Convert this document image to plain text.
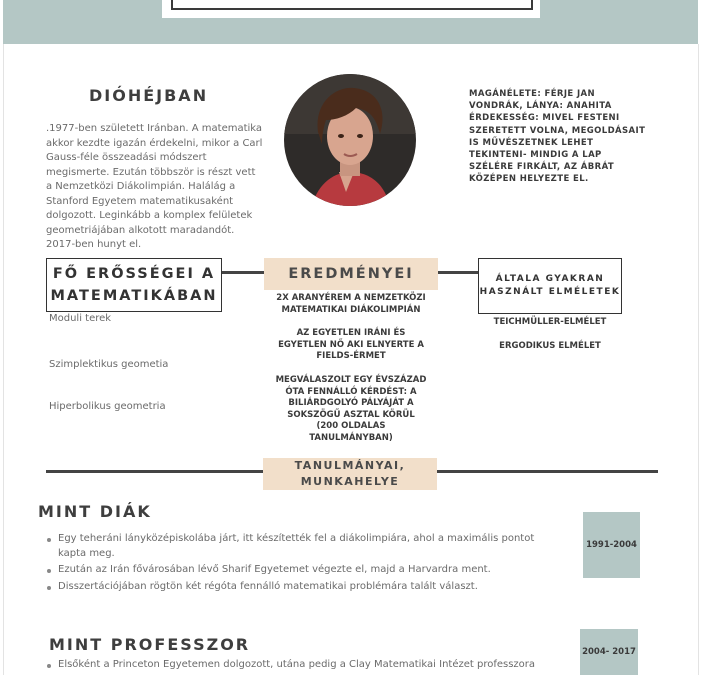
DIÓHÉJBAN
.1977-ben született Iránban. A matematika akkor kezdte igazán érdekelni, mikor a Carl Gauss-féle összeadási módszert megismerte. Ezután többször is részt vett a Nemzetközi Diákolimpián. Halálág a Stanford Egyetem matematikusaként dolgozott. Leginkább a komplex felületek geometriájában alkotott maradandót. 2017-ben hunyt el.

MAGÁNÉLETE: FÉRJE JAN VONDRÁK, LÁNYA: ANAHITA

ÉRDEKESSÉG: MIVEL FESTENI SZERETETT VOLNA, MEGOLDÁSAIT IS MŰVÉSZETNEK LEHET TEKINTENI- MINDIG A LAP SZÉLÉRE FIRKÁLT, AZ ÁBRÁT KÖZÉPEN HELYEZTE EL.

FŐ ERŐSSÉGEI A MATEMATIKÁBAN
EREDMÉNYEI	ÁLTALA GYAKRAN HASZNÁLT ELMÉLETEK
Moduli terek
Szimplektikus geometia
Hiperbolikus geometria
2X ARANYÉREM A NEMZETKÖZI MATEMATIKAI DIÁKOLIMPIÁN
AZ EGYETLEN IRÁNI ÉS EGYETLEN NŐ AKI ELNYERTE A FIELDS-ÉRMET
MEGVÁLASZOLT EGY ÉVSZÁZAD ÓTA FENNÁLLÓ KÉRDÉST: A BILIÁRDGOLYÓ PÁLYÁJÁT A SOKSZÖGŰ ASZTAL KÖRÜL (200 OLDALAS TANULMÁNYBAN)
TEICHMÜLLER-ELMÉLET
ERGODIKUS ELMÉLET
TANULMÁNYAI, MUNKAHELYE
MINT DIÁK
Egy teheráni lányközépiskolába járt, itt készítették fel a diákolimpiára, ahol a maximális pontot kapta meg.
Ezután az Irán fővárosában lévő Sharif Egyetemet végezte el, majd a Harvardra ment.
Disszertációjában rögtön két régóta fennálló matematikai problémára talált választ.
1991-2004
MINT PROFESSZOR
Elsőként a Princeton Egyetemen dolgozott, utána pedig a Clay Matematikai Intézet professzora
2004- 2017
